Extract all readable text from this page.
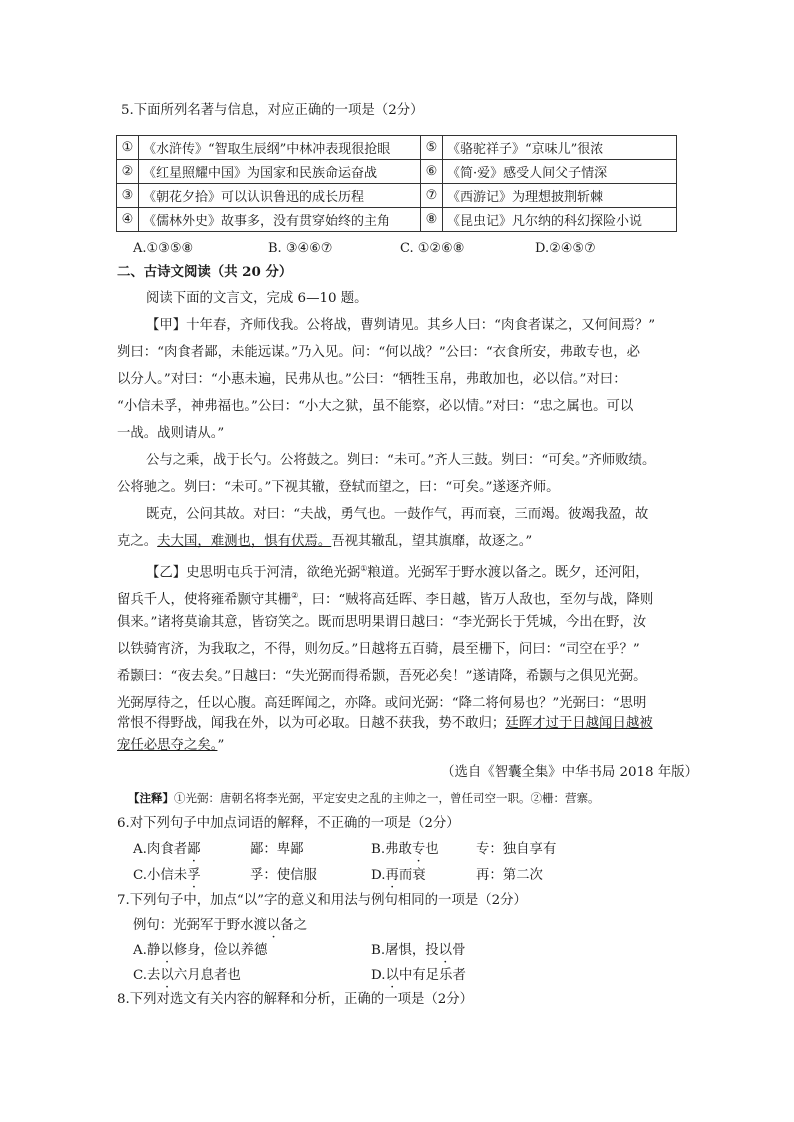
5.下面所列名著与信息，对应正确的一项是（2分）
①	《水浒传》“智取生辰纲”中林冲表现很抢眼	⑤	《骆驼祥子》“京味儿”很浓
②	《红星照耀中国》为国家和民族命运奋战	⑥	《简·爱》感受人间父子情深
③	《朝花夕拾》可以认识鲁迅的成长历程	⑦	《西游记》为理想披荆斩棘
④	《儒林外史》故事多，没有贯穿始终的主角	⑧	《昆虫记》凡尔纳的科幻探险小说
A.①③⑤⑧	B. ③④⑥⑦	C. ①②⑥⑧	D.②④⑤⑦
二、古诗文阅读（共 20 分）
阅读下面的文言文，完成 6—10 题。
【甲】十年春，齐师伐我。公将战，曹刿请见。其乡人曰：“肉食者谋之，又何间焉？”
刿曰：“肉食者鄙，未能远谋。”乃入见。问：“何以战？”公曰：“衣食所安，弗敢专也，必
以分人。”对曰：“小惠未遍，民弗从也。”公曰：“牺牲玉帛，弗敢加也，必以信。”对曰：
“小信未孚，神弗福也。”公曰：“小大之狱，虽不能察，必以情。”对曰：“忠之属也。可以
一战。战则请从。”
公与之乘，战于长勺。公将鼓之。刿曰：“未可。”齐人三鼓。刿曰：“可矣。”齐师败绩。
公将驰之。刿曰：“未可。”下视其辙，登轼而望之，曰：“可矣。”遂逐齐师。
既克，公问其故。对曰：“夫战，勇气也。一鼓作气，再而衰，三而竭。彼竭我盈，故
克之。夫大国，难测也，惧有伏焉。吾视其辙乱，望其旗靡，故逐之。”
【乙】史思明屯兵于河清，欲绝光弼①粮道。光弼军于野水渡以备之。既夕，还河阳，
留兵千人，使将雍希颢守其栅②，曰：“贼将高廷晖、李日越，皆万人敌也，至勿与战，降则
俱来。”诸将莫谕其意，皆窃笑之。既而思明果谓日越曰：“李光弼长于凭城，今出在野，汝
以铁骑宵济，为我取之，不得，则勿反。”日越将五百骑，晨至栅下，问曰：“司空在乎？”
希颢曰：“夜去矣。”日越曰：“失光弼而得希颢，吾死必矣！”遂请降，希颢与之俱见光弼。
光弼厚待之，任以心腹。高廷晖闻之，亦降。或问光弼：“降二将何易也？”光弼曰：“思明
常恨不得野战，闻我在外，以为可必取。日越不获我，势不敢归；廷晖才过于日越闻日越被
宠任必思夺之矣。”
（选自《智囊全集》中华书局 2018 年版）
【注释】①光弼：唐朝名将李光弼，平定安史之乱的主帅之一，曾任司空一职。②栅：营寨。
6.对下列句子中加点词语的解释，不正确的一项是（2分）
A.肉食者鄙	鄙：卑鄙	B.弗敢专也	专：独自享有
C.小信未孚	孚：使信服	D.再而衰	再：第二次
7.下列句子中，加点“以”字的意义和用法与例句相同的一项是（2分）
例句：光弼军于野水渡以备之
A.静以修身，俭以养德	B.屠惧，投以骨
C.去以六月息者也	D.以中有足乐者
8.下列对选文有关内容的解释和分析，正确的一项是（2分）
